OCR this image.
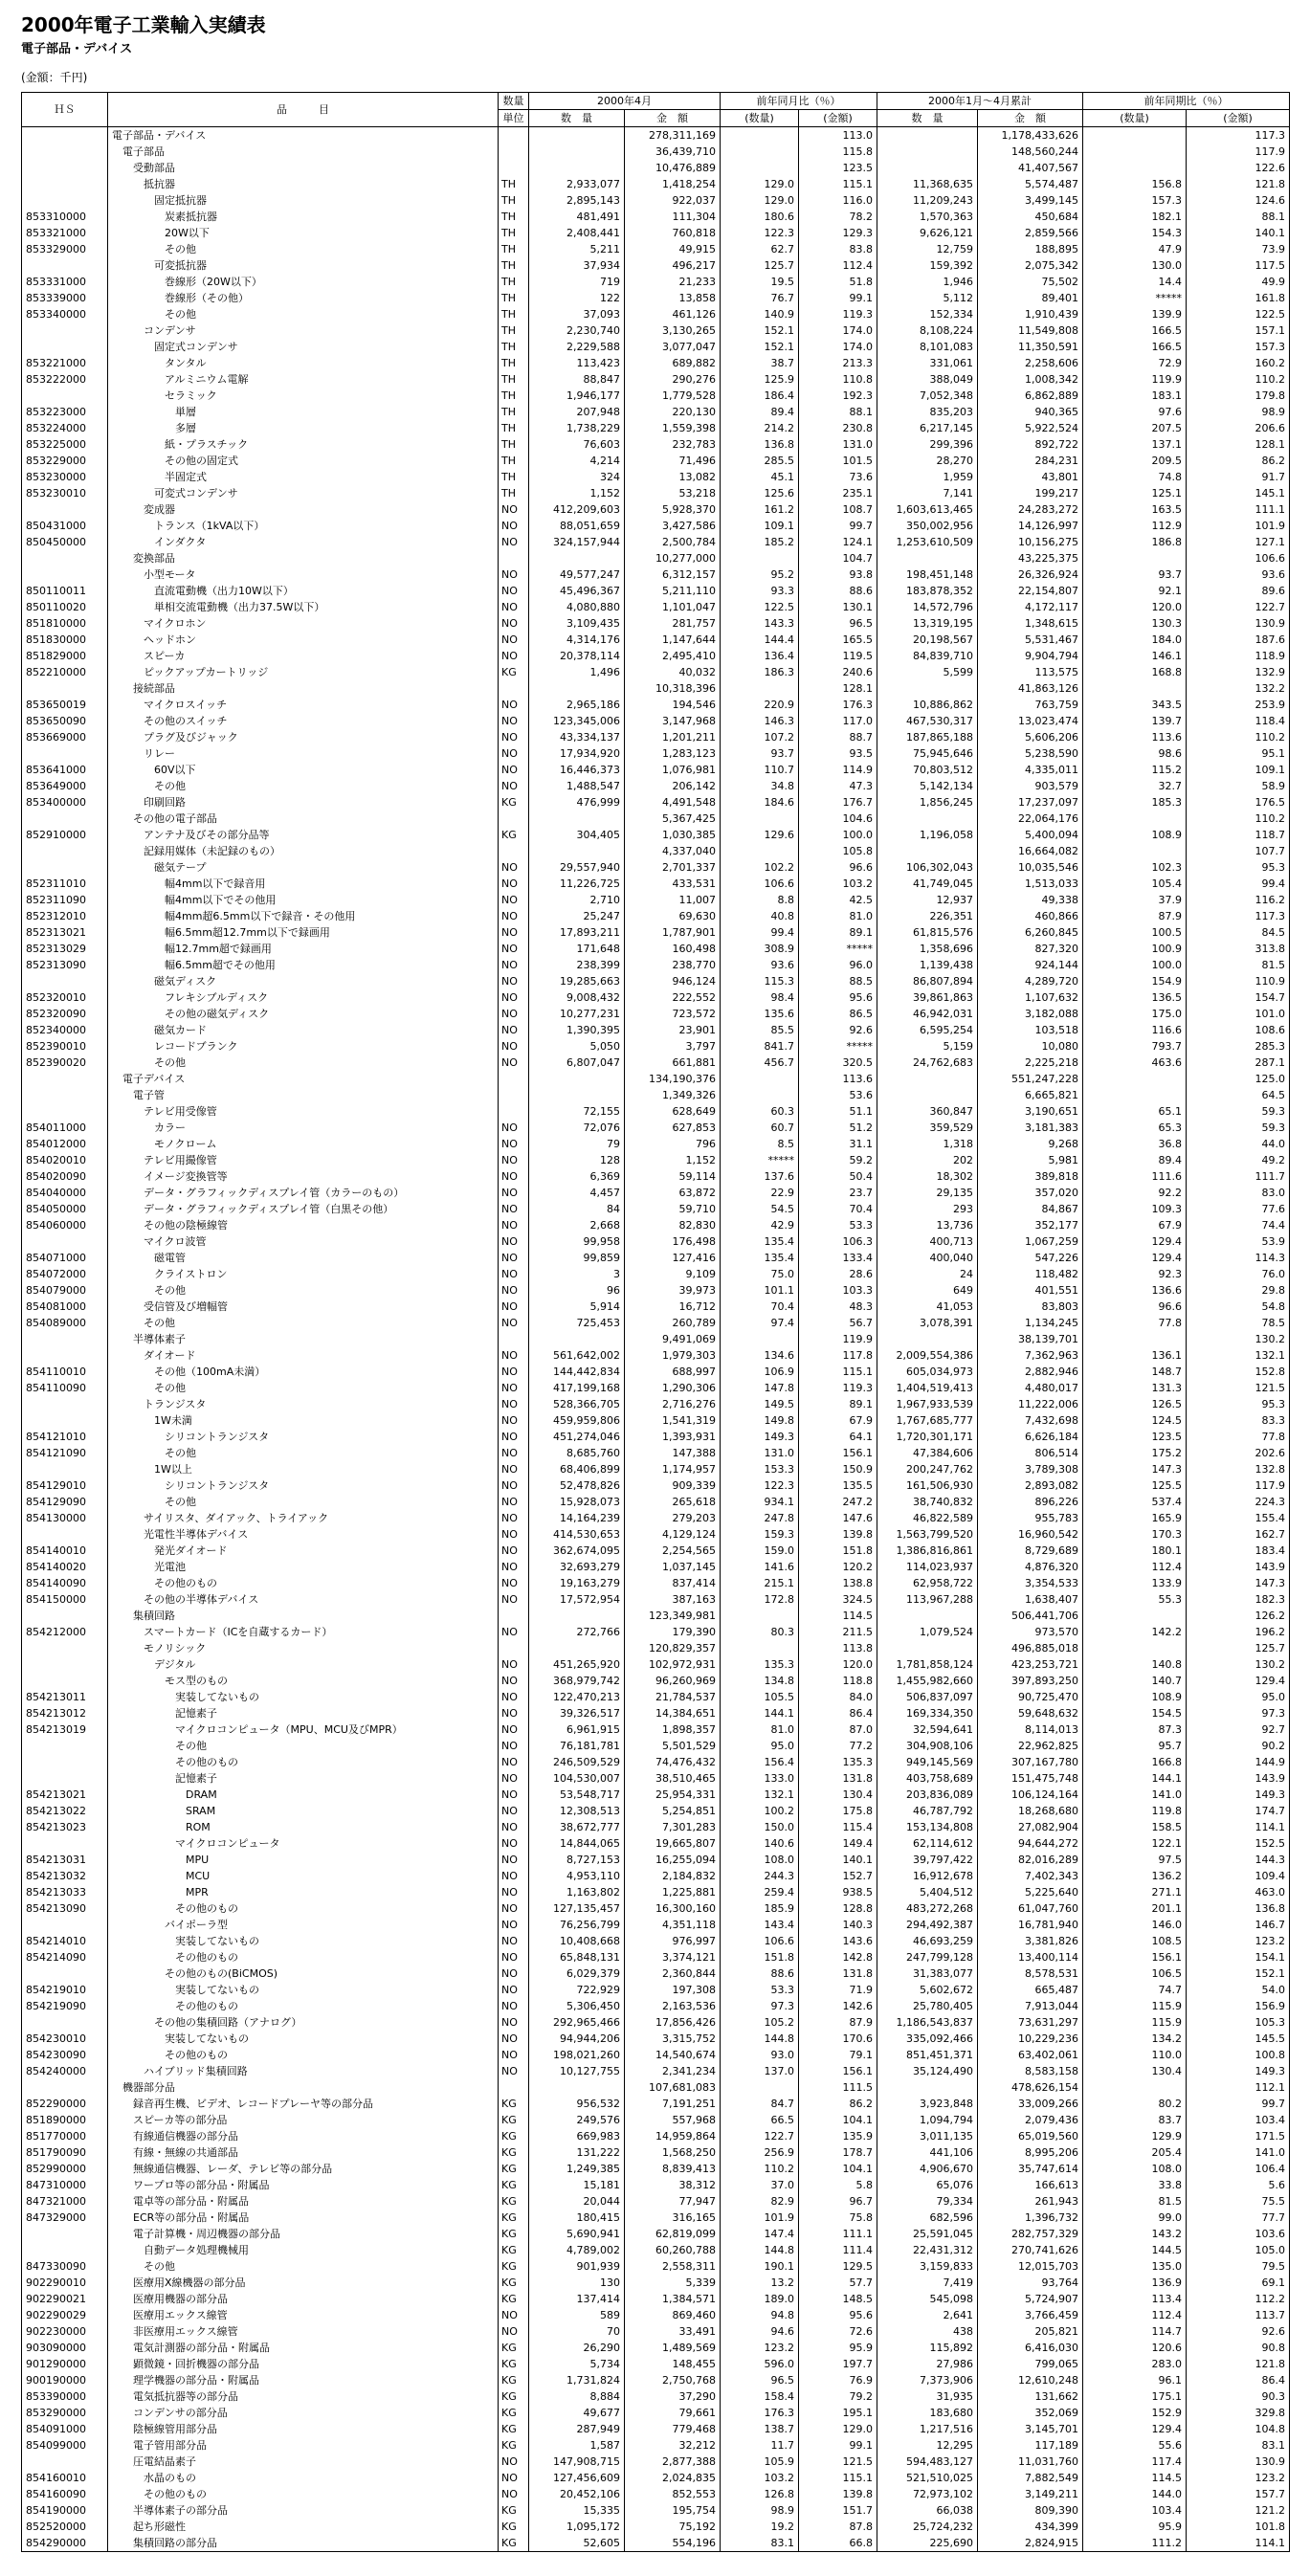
2000年電子工業輸入実績表
電子部品・デバイス
(金額：千円)
ＨＳ	品　　　目	数量	2000年4月		前年同月比（％）		2000年1月～4月累計		前年同期比（％）	
		単位	数　量	金　額	(数量)	(金額)	数　量	金　額	(数量)	(金額)
	電子部品・デバイス			278,311,169		113.0		1,178,433,626		117.3
	電子部品			36,439,710		115.8		148,560,244		117.9
	受動部品			10,476,889		123.5		41,407,567		122.6
	抵抗器	TH	2,933,077	1,418,254	129.0	115.1	11,368,635	5,574,487	156.8	121.8
	固定抵抗器	TH	2,895,143	922,037	129.0	116.0	11,209,243	3,499,145	157.3	124.6
853310000	炭素抵抗器	TH	481,491	111,304	180.6	78.2	1,570,363	450,684	182.1	88.1
853321000	20W以下	TH	2,408,441	760,818	122.3	129.3	9,626,121	2,859,566	154.3	140.1
853329000	その他	TH	5,211	49,915	62.7	83.8	12,759	188,895	47.9	73.9
	可変抵抗器	TH	37,934	496,217	125.7	112.4	159,392	2,075,342	130.0	117.5
853331000	巻線形（20W以下）	TH	719	21,233	19.5	51.8	1,946	75,502	14.4	49.9
853339000	巻線形（その他）	TH	122	13,858	76.7	99.1	5,112	89,401	*****	161.8
853340000	その他	TH	37,093	461,126	140.9	119.3	152,334	1,910,439	139.9	122.5
	コンデンサ	TH	2,230,740	3,130,265	152.1	174.0	8,108,224	11,549,808	166.5	157.1
	固定式コンデンサ	TH	2,229,588	3,077,047	152.1	174.0	8,101,083	11,350,591	166.5	157.3
853221000	タンタル	TH	113,423	689,882	38.7	213.3	331,061	2,258,606	72.9	160.2
853222000	アルミニウム電解	TH	88,847	290,276	125.9	110.8	388,049	1,008,342	119.9	110.2
	セラミック	TH	1,946,177	1,779,528	186.4	192.3	7,052,348	6,862,889	183.1	179.8
853223000	単層	TH	207,948	220,130	89.4	88.1	835,203	940,365	97.6	98.9
853224000	多層	TH	1,738,229	1,559,398	214.2	230.8	6,217,145	5,922,524	207.5	206.6
853225000	紙・プラスチック	TH	76,603	232,783	136.8	131.0	299,396	892,722	137.1	128.1
853229000	その他の固定式	TH	4,214	71,496	285.5	101.5	28,270	284,231	209.5	86.2
853230000	半固定式	TH	324	13,082	45.1	73.6	1,959	43,801	74.8	91.7
853230010	可変式コンデンサ	TH	1,152	53,218	125.6	235.1	7,141	199,217	125.1	145.1
	変成器	NO	412,209,603	5,928,370	161.2	108.7	1,603,613,465	24,283,272	163.5	111.1
850431000	トランス（1kVA以下）	NO	88,051,659	3,427,586	109.1	99.7	350,002,956	14,126,997	112.9	101.9
850450000	インダクタ	NO	324,157,944	2,500,784	185.2	124.1	1,253,610,509	10,156,275	186.8	127.1
	変換部品			10,277,000		104.7		43,225,375		106.6
	小型モータ	NO	49,577,247	6,312,157	95.2	93.8	198,451,148	26,326,924	93.7	93.6
850110011	直流電動機（出力10W以下）	NO	45,496,367	5,211,110	93.3	88.6	183,878,352	22,154,807	92.1	89.6
850110020	単相交流電動機（出力37.5W以下）	NO	4,080,880	1,101,047	122.5	130.1	14,572,796	4,172,117	120.0	122.7
851810000	マイクロホン	NO	3,109,435	281,757	143.3	96.5	13,319,195	1,348,615	130.3	130.9
851830000	ヘッドホン	NO	4,314,176	1,147,644	144.4	165.5	20,198,567	5,531,467	184.0	187.6
851829000	スピーカ	NO	20,378,114	2,495,410	136.4	119.5	84,839,710	9,904,794	146.1	118.9
852210000	ピックアップカートリッジ	KG	1,496	40,032	186.3	240.6	5,599	113,575	168.8	132.9
	接続部品			10,318,396		128.1		41,863,126		132.2
853650019	マイクロスイッチ	NO	2,965,186	194,546	220.9	176.3	10,886,862	763,759	343.5	253.9
853650090	その他のスイッチ	NO	123,345,006	3,147,968	146.3	117.0	467,530,317	13,023,474	139.7	118.4
853669000	プラグ及びジャック	NO	43,334,137	1,201,211	107.2	88.7	187,865,188	5,606,206	113.6	110.2
	リレー	NO	17,934,920	1,283,123	93.7	93.5	75,945,646	5,238,590	98.6	95.1
853641000	60V以下	NO	16,446,373	1,076,981	110.7	114.9	70,803,512	4,335,011	115.2	109.1
853649000	その他	NO	1,488,547	206,142	34.8	47.3	5,142,134	903,579	32.7	58.9
853400000	印刷回路	KG	476,999	4,491,548	184.6	176.7	1,856,245	17,237,097	185.3	176.5
	その他の電子部品			5,367,425		104.6		22,064,176		110.2
852910000	アンテナ及びその部分品等	KG	304,405	1,030,385	129.6	100.0	1,196,058	5,400,094	108.9	118.7
	記録用媒体（未記録のもの）			4,337,040		105.8		16,664,082		107.7
	磁気テープ	NO	29,557,940	2,701,337	102.2	96.6	106,302,043	10,035,546	102.3	95.3
852311010	幅4mm以下で録音用	NO	11,226,725	433,531	106.6	103.2	41,749,045	1,513,033	105.4	99.4
852311090	幅4mm以下でその他用	NO	2,710	11,007	8.8	42.5	12,937	49,338	37.9	116.2
852312010	幅4mm超6.5mm以下で録音・その他用	NO	25,247	69,630	40.8	81.0	226,351	460,866	87.9	117.3
852313021	幅6.5mm超12.7mm以下で録画用	NO	17,893,211	1,787,901	99.4	89.1	61,815,576	6,260,845	100.5	84.5
852313029	幅12.7mm超で録画用	NO	171,648	160,498	308.9	*****	1,358,696	827,320	100.9	313.8
852313090	幅6.5mm超でその他用	NO	238,399	238,770	93.6	96.0	1,139,438	924,144	100.0	81.5
	磁気ディスク	NO	19,285,663	946,124	115.3	88.5	86,807,894	4,289,720	154.9	110.9
852320010	フレキシブルディスク	NO	9,008,432	222,552	98.4	95.6	39,861,863	1,107,632	136.5	154.7
852320090	その他の磁気ディスク	NO	10,277,231	723,572	135.6	86.5	46,942,031	3,182,088	175.0	101.0
852340000	磁気カード	NO	1,390,395	23,901	85.5	92.6	6,595,254	103,518	116.6	108.6
852390010	レコードブランク	NO	5,050	3,797	841.7	*****	5,159	10,080	793.7	285.3
852390020	その他	NO	6,807,047	661,881	456.7	320.5	24,762,683	2,225,218	463.6	287.1
	電子デバイス			134,190,376		113.6		551,247,228		125.0
	電子管			1,349,326		53.6		6,665,821		64.5
	テレビ用受像管		72,155	628,649	60.3	51.1	360,847	3,190,651	65.1	59.3
854011000	カラー	NO	72,076	627,853	60.7	51.2	359,529	3,181,383	65.3	59.3
854012000	モノクローム	NO	79	796	8.5	31.1	1,318	9,268	36.8	44.0
854020010	テレビ用撮像管	NO	128	1,152	*****	59.2	202	5,981	89.4	49.2
854020090	イメージ変換管等	NO	6,369	59,114	137.6	50.4	18,302	389,818	111.6	111.7
854040000	データ・グラフィックディスプレイ管（カラーのもの）	NO	4,457	63,872	22.9	23.7	29,135	357,020	92.2	83.0
854050000	データ・グラフィックディスプレイ管（白黒その他）	NO	84	59,710	54.5	70.4	293	84,867	109.3	77.6
854060000	その他の陰極線管	NO	2,668	82,830	42.9	53.3	13,736	352,177	67.9	74.4
	マイクロ波管	NO	99,958	176,498	135.4	106.3	400,713	1,067,259	129.4	53.9
854071000	磁電管	NO	99,859	127,416	135.4	133.4	400,040	547,226	129.4	114.3
854072000	クライストロン	NO	3	9,109	75.0	28.6	24	118,482	92.3	76.0
854079000	その他	NO	96	39,973	101.1	103.3	649	401,551	136.6	29.8
854081000	受信管及び増幅管	NO	5,914	16,712	70.4	48.3	41,053	83,803	96.6	54.8
854089000	その他	NO	725,453	260,789	97.4	56.7	3,078,391	1,134,245	77.8	78.5
	半導体素子			9,491,069		119.9		38,139,701		130.2
	ダイオード	NO	561,642,002	1,979,303	134.6	117.8	2,009,554,386	7,362,963	136.1	132.1
854110010	その他（100mA未満）	NO	144,442,834	688,997	106.9	115.1	605,034,973	2,882,946	148.7	152.8
854110090	その他	NO	417,199,168	1,290,306	147.8	119.3	1,404,519,413	4,480,017	131.3	121.5
	トランジスタ	NO	528,366,705	2,716,276	149.5	89.1	1,967,933,539	11,222,006	126.5	95.3
	1W未満	NO	459,959,806	1,541,319	149.8	67.9	1,767,685,777	7,432,698	124.5	83.3
854121010	シリコントランジスタ	NO	451,274,046	1,393,931	149.3	64.1	1,720,301,171	6,626,184	123.5	77.8
854121090	その他	NO	8,685,760	147,388	131.0	156.1	47,384,606	806,514	175.2	202.6
	1W以上	NO	68,406,899	1,174,957	153.3	150.9	200,247,762	3,789,308	147.3	132.8
854129010	シリコントランジスタ	NO	52,478,826	909,339	122.3	135.5	161,506,930	2,893,082	125.5	117.9
854129090	その他	NO	15,928,073	265,618	934.1	247.2	38,740,832	896,226	537.4	224.3
854130000	サイリスタ、ダイアック、トライアック	NO	14,164,239	279,203	247.8	147.6	46,822,589	955,783	165.9	155.4
	光電性半導体デバイス	NO	414,530,653	4,129,124	159.3	139.8	1,563,799,520	16,960,542	170.3	162.7
854140010	発光ダイオード	NO	362,674,095	2,254,565	159.0	151.8	1,386,816,861	8,729,689	180.1	183.4
854140020	光電池	NO	32,693,279	1,037,145	141.6	120.2	114,023,937	4,876,320	112.4	143.9
854140090	その他のもの	NO	19,163,279	837,414	215.1	138.8	62,958,722	3,354,533	133.9	147.3
854150000	その他の半導体デバイス	NO	17,572,954	387,163	172.8	324.5	113,967,288	1,638,407	55.3	182.3
	集積回路			123,349,981		114.5		506,441,706		126.2
854212000	スマートカード（ICを自蔵するカード）	NO	272,766	179,390	80.3	211.5	1,079,524	973,570	142.2	196.2
	モノリシック			120,829,357		113.8		496,885,018		125.7
	デジタル	NO	451,265,920	102,972,931	135.3	120.0	1,781,858,124	423,253,721	140.8	130.2
	モス型のもの	NO	368,979,742	96,260,969	134.8	118.8	1,455,982,660	397,893,250	140.7	129.4
854213011	実装してないもの	NO	122,470,213	21,784,537	105.5	84.0	506,837,097	90,725,470	108.9	95.0
854213012	記憶素子	NO	39,326,517	14,384,651	144.1	86.4	169,334,350	59,648,632	154.5	97.3
854213019	マイクロコンピュータ（MPU、MCU及びMPR）	NO	6,961,915	1,898,357	81.0	87.0	32,594,641	8,114,013	87.3	92.7
	その他	NO	76,181,781	5,501,529	95.0	77.2	304,908,106	22,962,825	95.7	90.2
	その他のもの	NO	246,509,529	74,476,432	156.4	135.3	949,145,569	307,167,780	166.8	144.9
	記憶素子	NO	104,530,007	38,510,465	133.0	131.8	403,758,689	151,475,748	144.1	143.9
854213021	DRAM	NO	53,548,717	25,954,331	132.1	130.4	203,836,089	106,124,164	141.0	149.3
854213022	SRAM	NO	12,308,513	5,254,851	100.2	175.8	46,787,792	18,268,680	119.8	174.7
854213023	ROM	NO	38,672,777	7,301,283	150.0	115.4	153,134,808	27,082,904	158.5	114.1
	マイクロコンピュータ	NO	14,844,065	19,665,807	140.6	149.4	62,114,612	94,644,272	122.1	152.5
854213031	MPU	NO	8,727,153	16,255,094	108.0	140.1	39,797,422	82,016,289	97.5	144.3
854213032	MCU	NO	4,953,110	2,184,832	244.3	152.7	16,912,678	7,402,343	136.2	109.4
854213033	MPR	NO	1,163,802	1,225,881	259.4	938.5	5,404,512	5,225,640	271.1	463.0
854213090	その他のもの	NO	127,135,457	16,300,160	185.9	128.8	483,272,268	61,047,760	201.1	136.8
	バイポーラ型	NO	76,256,799	4,351,118	143.4	140.3	294,492,387	16,781,940	146.0	146.7
854214010	実装してないもの	NO	10,408,668	976,997	106.6	143.6	46,693,259	3,381,826	108.5	123.2
854214090	その他のもの	NO	65,848,131	3,374,121	151.8	142.8	247,799,128	13,400,114	156.1	154.1
	その他のもの(BiCMOS)	NO	6,029,379	2,360,844	88.6	131.8	31,383,077	8,578,531	106.5	152.1
854219010	実装してないもの	NO	722,929	197,308	53.3	71.9	5,602,672	665,487	74.7	54.0
854219090	その他のもの	NO	5,306,450	2,163,536	97.3	142.6	25,780,405	7,913,044	115.9	156.9
	その他の集積回路（アナログ）	NO	292,965,466	17,856,426	105.2	87.9	1,186,543,837	73,631,297	115.9	105.3
854230010	実装してないもの	NO	94,944,206	3,315,752	144.8	170.6	335,092,466	10,229,236	134.2	145.5
854230090	その他のもの	NO	198,021,260	14,540,674	93.0	79.1	851,451,371	63,402,061	110.0	100.8
854240000	ハイブリッド集積回路	NO	10,127,755	2,341,234	137.0	156.1	35,124,490	8,583,158	130.4	149.3
	機器部分品			107,681,083		111.5		478,626,154		112.1
852290000	録音再生機、ビデオ、レコードプレーヤ等の部分品	KG	956,532	7,191,251	84.7	86.2	3,923,848	33,009,266	80.2	99.7
851890000	スピーカ等の部分品	KG	249,576	557,968	66.5	104.1	1,094,794	2,079,436	83.7	103.4
851770000	有線通信機器の部分品	KG	669,983	14,959,864	122.7	135.9	3,011,135	65,019,560	129.9	171.5
851790090	有線・無線の共通部品	KG	131,222	1,568,250	256.9	178.7	441,106	8,995,206	205.4	141.0
852990000	無線通信機器、レーダ、テレビ等の部分品	KG	1,249,385	8,839,413	110.2	104.1	4,906,670	35,747,614	108.0	106.4
847310000	ワープロ等の部分品・附属品	KG	15,181	38,312	37.0	5.8	65,076	166,613	33.8	5.6
847321000	電卓等の部分品・附属品	KG	20,044	77,947	82.9	96.7	79,334	261,943	81.5	75.5
847329000	ECR等の部分品・附属品	KG	180,415	316,165	101.9	75.8	682,596	1,396,732	99.0	77.7
	電子計算機・周辺機器の部分品	KG	5,690,941	62,819,099	147.4	111.1	25,591,045	282,757,329	143.2	103.6
	自動データ処理機械用	KG	4,789,002	60,260,788	144.8	111.4	22,431,312	270,741,626	144.5	105.0
847330090	その他	KG	901,939	2,558,311	190.1	129.5	3,159,833	12,015,703	135.0	79.5
902290010	医療用X線機器の部分品	KG	130	5,339	13.2	57.7	7,419	93,764	136.9	69.1
902290021	医療用機器の部分品	KG	137,414	1,384,571	189.0	148.5	545,098	5,724,907	113.4	112.2
902290029	医療用エックス線管	NO	589	869,460	94.8	95.6	2,641	3,766,459	112.4	113.7
902230000	非医療用エックス線管	NO	70	33,491	94.6	72.6	438	205,821	114.7	92.6
903090000	電気計測器の部分品・附属品	KG	26,290	1,489,569	123.2	95.9	115,892	6,416,030	120.6	90.8
901290000	顕微鏡・回折機器の部分品	KG	5,734	148,455	596.0	197.7	27,986	799,065	283.0	121.8
900190000	理学機器の部分品・附属品	KG	1,731,824	2,750,768	96.5	76.9	7,373,906	12,610,248	96.1	86.4
853390000	電気抵抗器等の部分品	KG	8,884	37,290	158.4	79.2	31,935	131,662	175.1	90.3
853290000	コンデンサの部分品	KG	49,677	79,661	176.3	195.1	183,680	352,069	152.9	329.8
854091000	陰極線管用部分品	KG	287,949	779,468	138.7	129.0	1,217,516	3,145,701	129.4	104.8
854099000	電子管用部分品	KG	1,587	32,212	11.7	99.1	12,295	117,189	55.6	83.1
	圧電結晶素子	NO	147,908,715	2,877,388	105.9	121.5	594,483,127	11,031,760	117.4	130.9
854160010	水晶のもの	NO	127,456,609	2,024,835	103.2	115.1	521,510,025	7,882,549	114.5	123.2
854160090	その他のもの	NO	20,452,106	852,553	126.8	139.8	72,973,102	3,149,211	144.0	157.7
854190000	半導体素子の部分品	KG	15,335	195,754	98.9	151.7	66,038	809,390	103.4	121.2
852520000	起ち形磁性	KG	1,095,172	75,192	19.2	87.8	25,724,232	434,399	95.9	101.8
854290000	集積回路の部分品	KG	52,605	554,196	83.1	66.8	225,690	2,824,915	111.2	114.1
